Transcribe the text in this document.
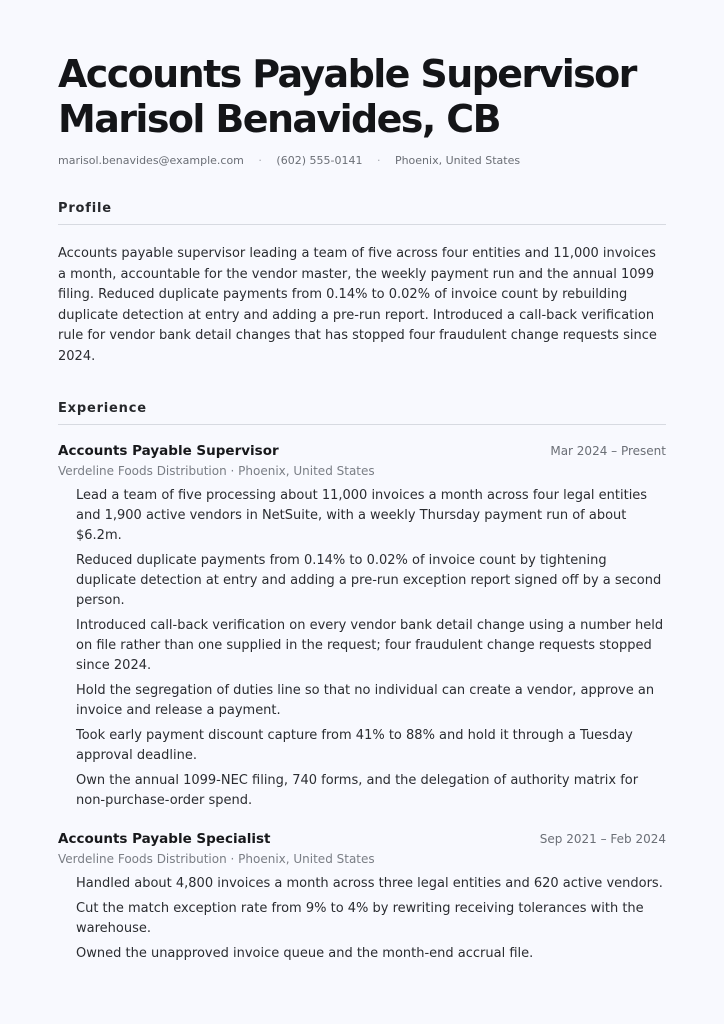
Accounts Payable Supervisor
Marisol Benavides, CB
marisol.benavides@example.com · (602) 555-0141 · Phoenix, United States
Profile
Accounts payable supervisor leading a team of five across four entities and 11,000 invoices a month, accountable for the vendor master, the weekly payment run and the annual 1099 filing. Reduced duplicate payments from 0.14% to 0.02% of invoice count by rebuilding duplicate detection at entry and adding a pre-run report. Introduced a call-back verification rule for vendor bank detail changes that has stopped four fraudulent change requests since 2024.
Experience
Accounts Payable Supervisor	Mar 2024 – Present
Verdeline Foods Distribution · Phoenix, United States
Lead a team of five processing about 11,000 invoices a month across four legal entities and 1,900 active vendors in NetSuite, with a weekly Thursday payment run of about $6.2m.
Reduced duplicate payments from 0.14% to 0.02% of invoice count by tightening duplicate detection at entry and adding a pre-run exception report signed off by a second person.
Introduced call-back verification on every vendor bank detail change using a number held on file rather than one supplied in the request; four fraudulent change requests stopped since 2024.
Hold the segregation of duties line so that no individual can create a vendor, approve an invoice and release a payment.
Took early payment discount capture from 41% to 88% and hold it through a Tuesday approval deadline.
Own the annual 1099-NEC filing, 740 forms, and the delegation of authority matrix for non-purchase-order spend.
Accounts Payable Specialist	Sep 2021 – Feb 2024
Verdeline Foods Distribution · Phoenix, United States
Handled about 4,800 invoices a month across three legal entities and 620 active vendors.
Cut the match exception rate from 9% to 4% by rewriting receiving tolerances with the warehouse.
Owned the unapproved invoice queue and the month-end accrual file.
